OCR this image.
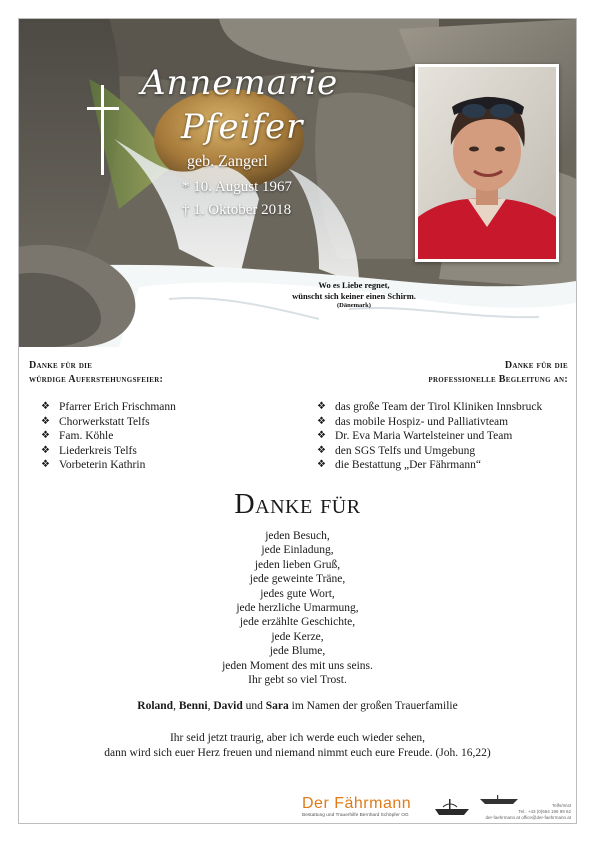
Annemarie
Pfeifer
geb. Zangerl
* 10. August 1967
† 1. Oktober 2018
Wo es Liebe regnet,
wünscht sich keiner einen Schirm.
(Dänemark)
Danke für die
würdige Auferstehungsfeier:
❖ Pfarrer Erich Frischmann
❖ Chorwerkstatt Telfs
❖ Fam. Köhle
❖ Liederkreis Telfs
❖ Vorbeterin Kathrin
Danke für die
professionelle Begleitung an:
❖ das große Team der Tirol Kliniken Innsbruck
❖ das mobile Hospiz- und Palliativteam
❖ Dr. Eva Maria Wartelsteiner und Team
❖ den SGS Telfs und Umgebung
❖ die Bestattung „Der Fährmann“
Danke für
jeden Besuch,
jede Einladung,
jeden lieben Gruß,
jede geweinte Träne,
jedes gute Wort,
jede herzliche Umarmung,
jede erzählte Geschichte,
jede Kerze,
jede Blume,
jeden Moment des mit uns seins.
Ihr gebt so viel Trost.
Roland, Benni, David und Sara im Namen der großen Trauerfamilie
Ihr seid jetzt traurig, aber ich werde euch wieder sehen,
dann wird sich euer Herz freuen und niemand nimmt euch eure Freude. (Joh. 16,22)
Der Fährmann
Bestattung und Trauerhilfe Bernhard Schöpfer OG
Telfs/Imst
Tel.: +43 (0)664 195 99 62
der-faehrmann.at office@der-faehrmann.at
